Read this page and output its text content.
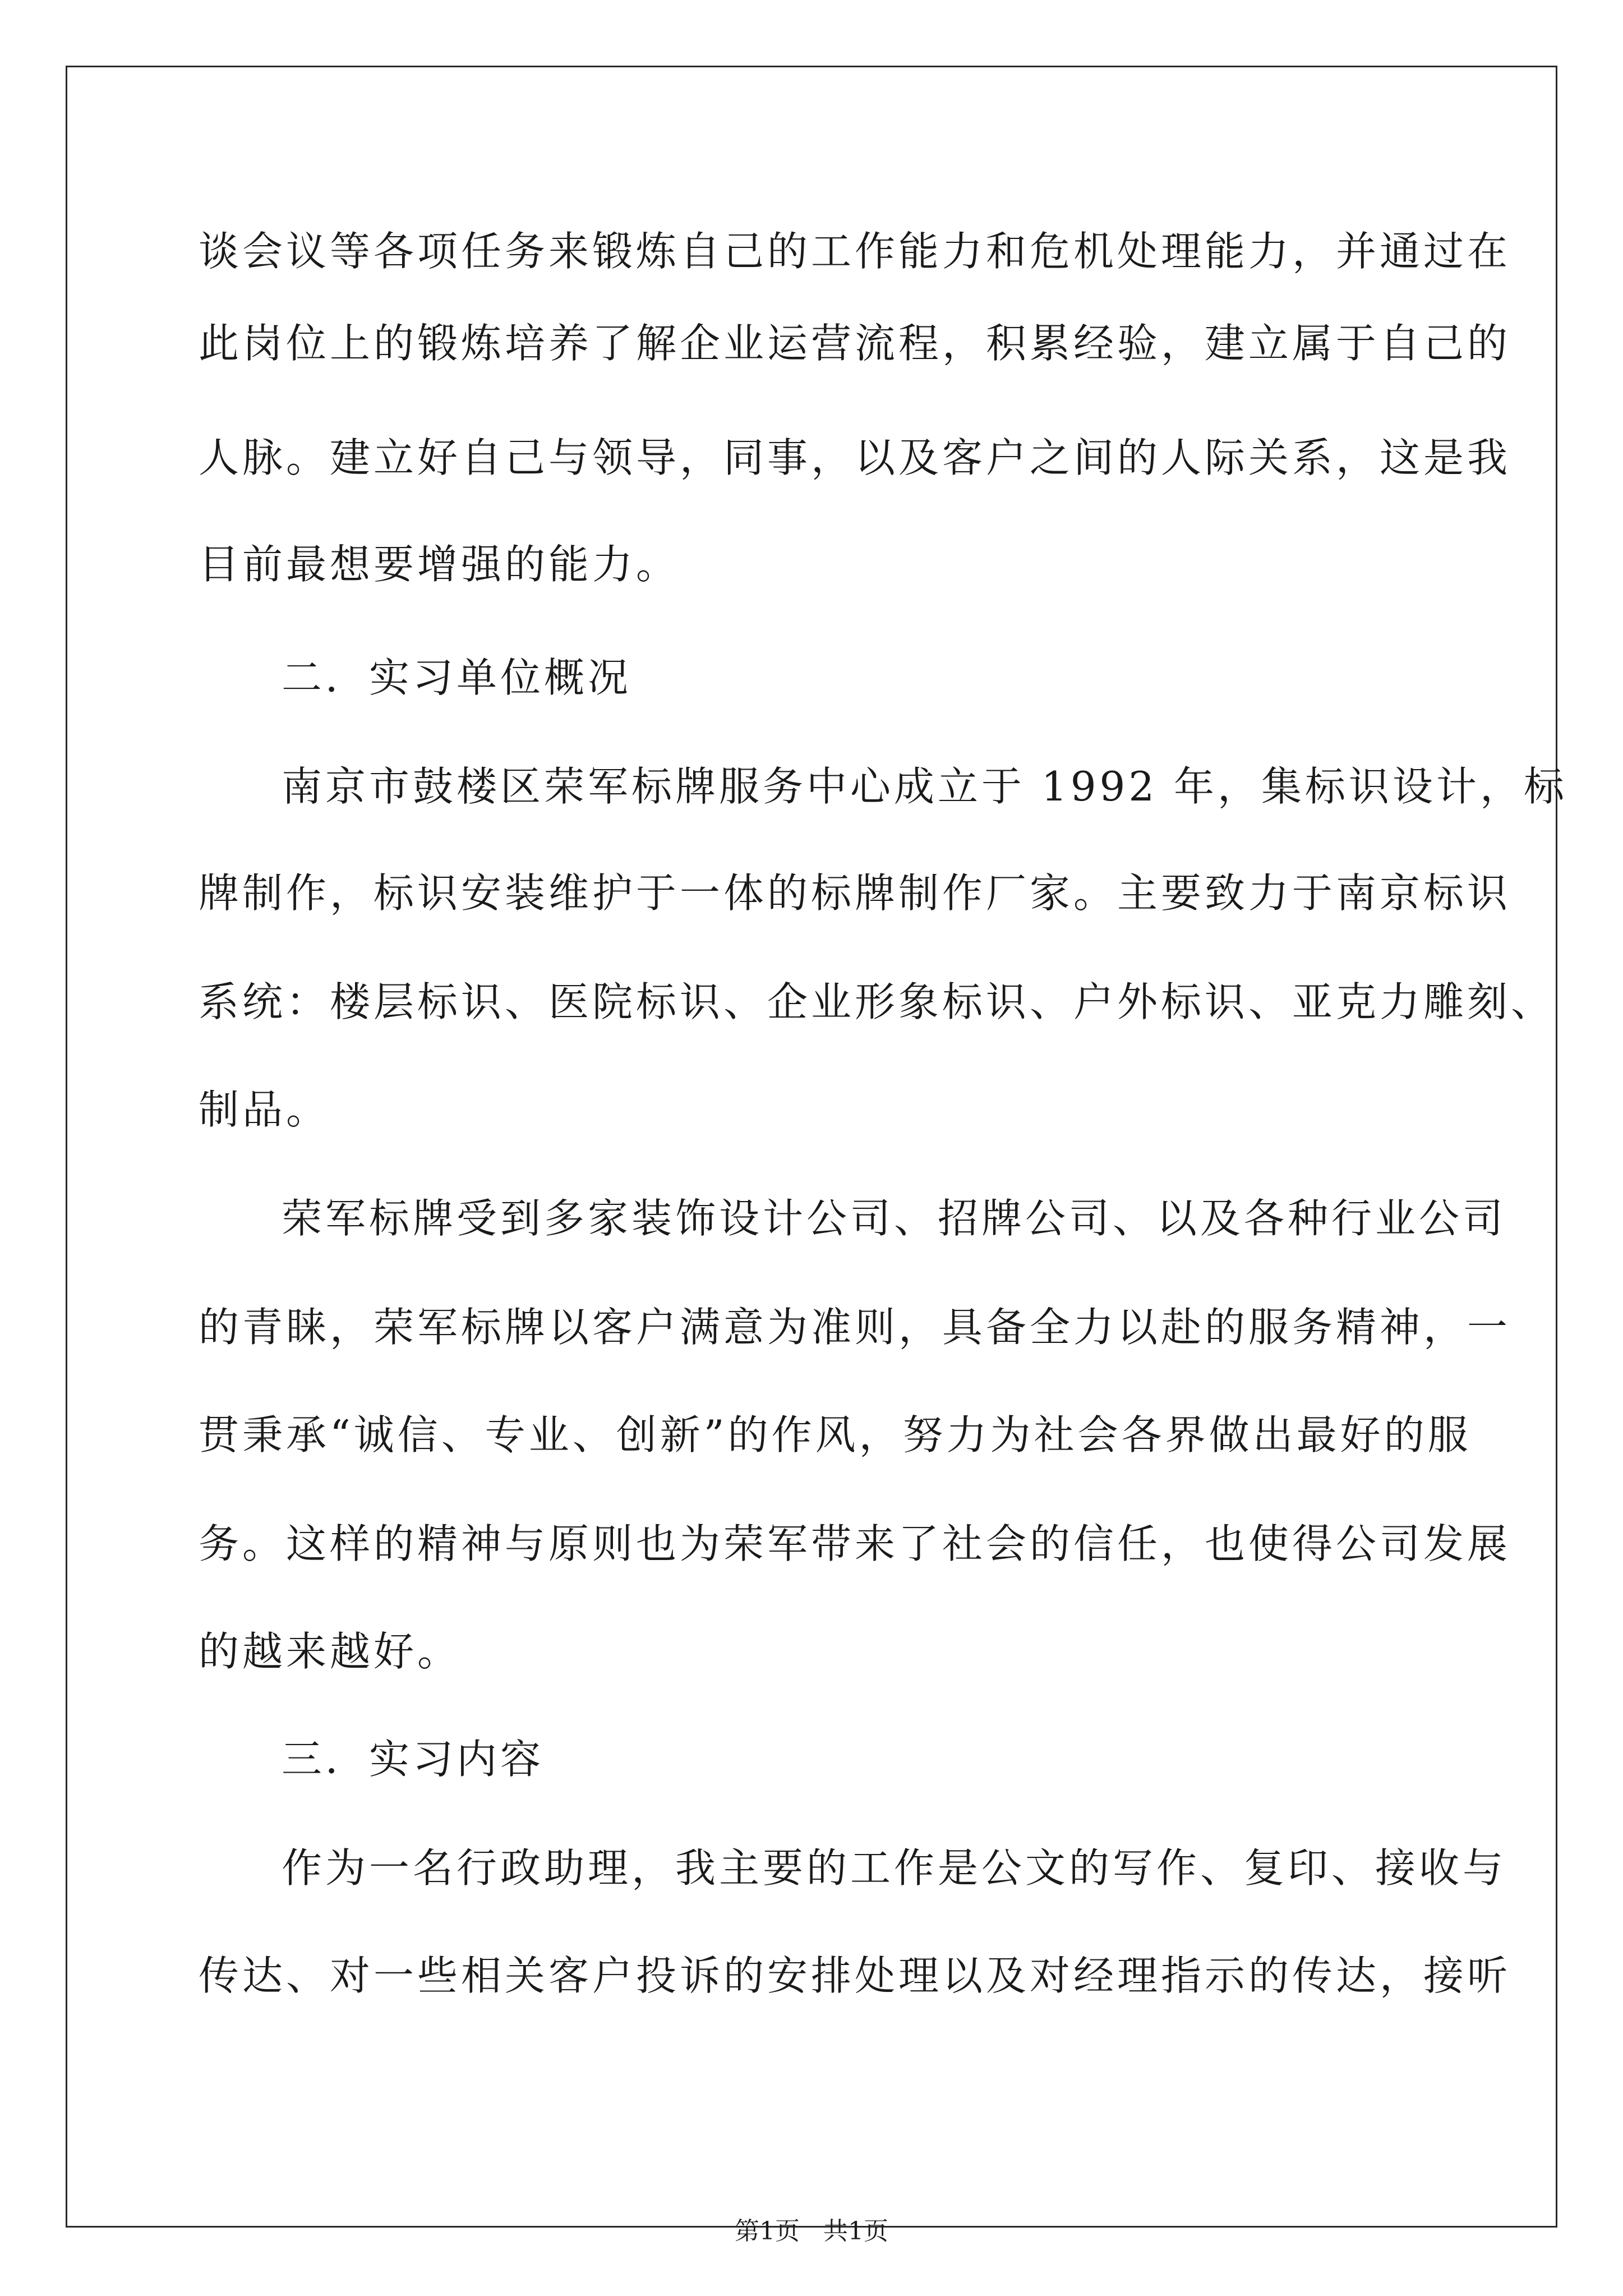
谈会议等各项任务来锻炼自己的工作能力和危机处理能力，并通过在
此岗位上的锻炼培养了解企业运营流程，积累经验，建立属于自己的
人脉。建立好自己与领导，同事，以及客户之间的人际关系，这是我
目前最想要增强的能力。
二．实习单位概况
南京市鼓楼区荣军标牌服务中心成立于 1992 年，集标识设计，标
牌制作，标识安装维护于一体的标牌制作厂家。主要致力于南京标识
系统：楼层标识、医院标识、企业形象标识、户外标识、亚克力雕刻、
制品。
荣军标牌受到多家装饰设计公司、招牌公司、以及各种行业公司
的青睐，荣军标牌以客户满意为准则，具备全力以赴的服务精神，一
贯秉承“诚信、专业、创新”的作风，努力为社会各界做出最好的服
务。这样的精神与原则也为荣军带来了社会的信任，也使得公司发展
的越来越好。
三．实习内容
作为一名行政助理，我主要的工作是公文的写作、复印、接收与
传达、对一些相关客户投诉的安排处理以及对经理指示的传达，接听
第1页   共1页
